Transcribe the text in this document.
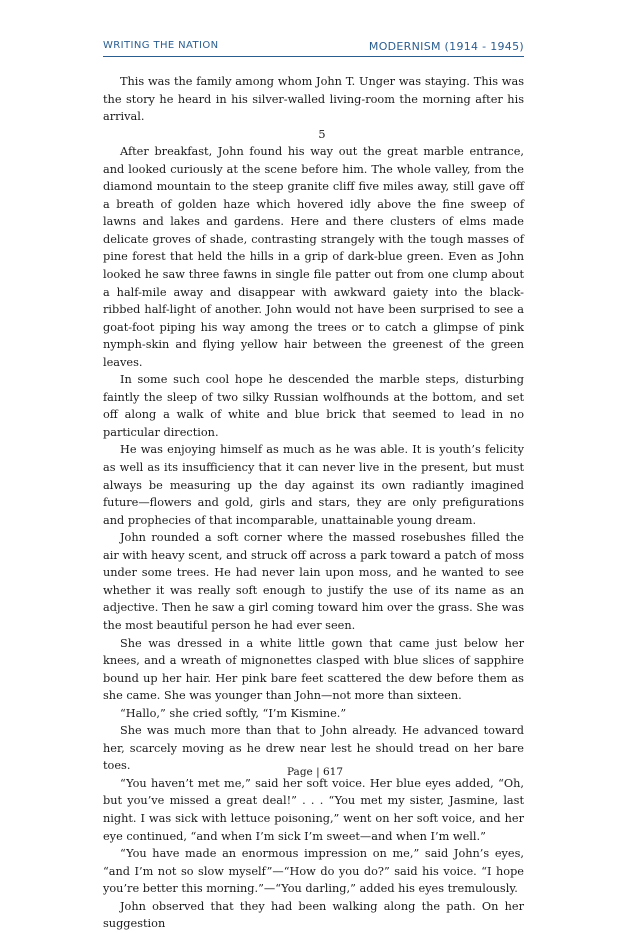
WRITING THE NATION	MODERNISM (1914 - 1945)

This was the family among whom John T. Unger was staying. This was the story he heard in his silver-walled living-room the morning after his arrival.

5

After breakfast, John found his way out the great marble entrance, and looked curiously at the scene before him. The whole valley, from the diamond mountain to the steep granite cliff five miles away, still gave off a breath of golden haze which hovered idly above the fine sweep of lawns and lakes and gardens. Here and there clusters of elms made delicate groves of shade, contrasting strangely with the tough masses of pine forest that held the hills in a grip of dark-blue green. Even as John looked he saw three fawns in single file patter out from one clump about a half-mile away and disappear with awkward gaiety into the black-ribbed half-light of another. John would not have been surprised to see a goat-foot piping his way among the trees or to catch a glimpse of pink nymph-skin and flying yellow hair between the greenest of the green leaves.

In some such cool hope he descended the marble steps, disturbing faintly the sleep of two silky Russian wolfhounds at the bottom, and set off along a walk of white and blue brick that seemed to lead in no particular direction.

He was enjoying himself as much as he was able. It is youth’s felicity as well as its insufficiency that it can never live in the present, but must always be measuring up the day against its own radiantly imagined future—flowers and gold, girls and stars, they are only prefigurations and prophecies of that incomparable, unattainable young dream.

John rounded a soft corner where the massed rosebushes filled the air with heavy scent, and struck off across a park toward a patch of moss under some trees. He had never lain upon moss, and he wanted to see whether it was really soft enough to justify the use of its name as an adjective. Then he saw a girl coming toward him over the grass. She was the most beautiful person he had ever seen.

She was dressed in a white little gown that came just below her knees, and a wreath of mignonettes clasped with blue slices of sapphire bound up her hair. Her pink bare feet scattered the dew before them as she came. She was younger than John—not more than sixteen.

“Hallo,” she cried softly, “I’m Kismine.”

She was much more than that to John already. He advanced toward her, scarcely moving as he drew near lest he should tread on her bare toes.

“You haven’t met me,” said her soft voice. Her blue eyes added, “Oh, but you’ve missed a great deal!” . . . “You met my sister, Jasmine, last night. I was sick with lettuce poisoning,” went on her soft voice, and her eye continued, “and when I’m sick I’m sweet—and when I’m well.”

“You have made an enormous impression on me,” said John’s eyes, “and I’m not so slow myself”—“How do you do?” said his voice. “I hope you’re better this morning.”—“You darling,” added his eyes tremulously.

John observed that they had been walking along the path. On her suggestion

Page | 617
